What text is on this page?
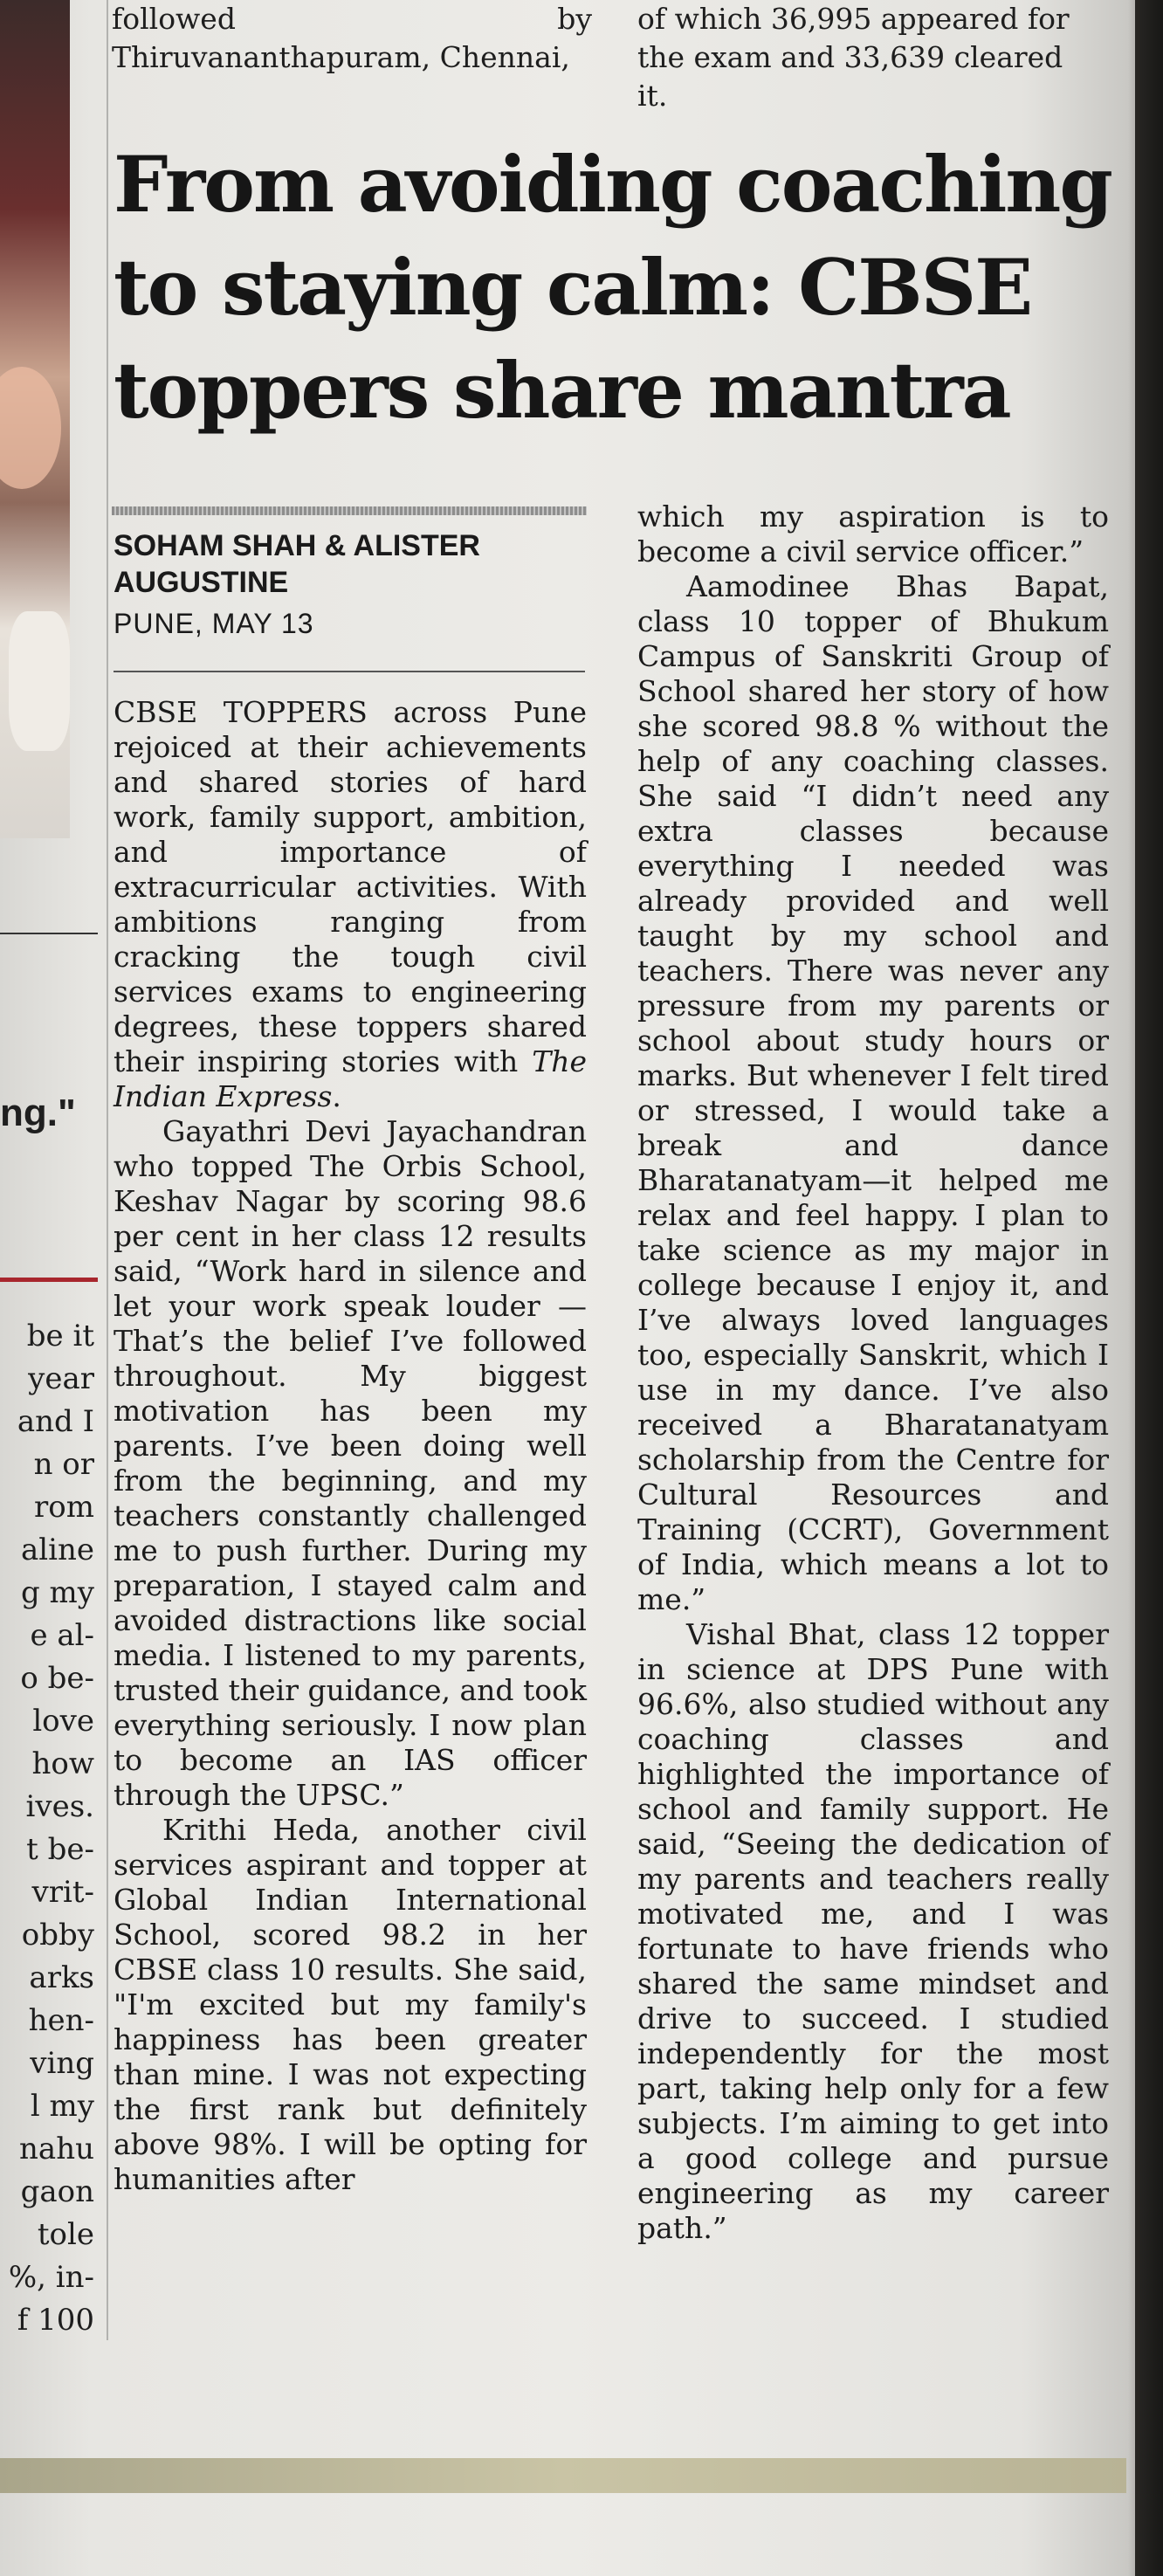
ng."
be it
year
and I
n or
rom
aline
g my
e al-
o be-
love
how
ives.
t be-
vrit-
obby
arks
hen-
ving
l my
nahu
gaon
tole
%, in-
f 100
followed	by
Thiruvananthapuram, Chennai,
of which 36,995 appeared for
the exam and 33,639 cleared it.
From avoiding coaching
to staying calm: CBSE
toppers share mantra
SOHAM SHAH & ALISTER AUGUSTINE
PUNE, MAY 13

CBSE TOPPERS across Pune rejoiced at their achievements and shared stories of hard work, family support, ambition, and importance of extracurricular activities. With ambitions ranging from cracking the tough civil services exams to engineering degrees, these toppers shared their inspiring stories with The Indian Express.

Gayathri Devi Jayachandran who topped The Orbis School, Keshav Nagar by scoring 98.6 per cent in her class 12 results said, “Work hard in silence and let your work speak louder — That’s the belief I’ve followed throughout. My biggest motivation has been my parents. I’ve been doing well from the beginning, and my teachers constantly challenged me to push further. During my preparation, I stayed calm and avoided distractions like social media. I listened to my parents, trusted their guidance, and took everything seriously. I now plan to become an IAS officer through the UPSC.”

Krithi Heda, another civil services aspirant and topper at Global Indian International School, scored 98.2 in her CBSE class 10 results. She said, "I'm excited but my family's happiness has been greater than mine. I was not expecting the first rank but definitely above 98%. I will be opting for humanities after

which my aspiration is to become a civil service officer.”

Aamodinee Bhas Bapat, class 10 topper of Bhukum Campus of Sanskriti Group of School shared her story of how she scored 98.8 % without the help of any coaching classes. She said “I didn’t need any extra classes because everything I needed was already provided and well taught by my school and teachers. There was never any pressure from my parents or school about study hours or marks. But whenever I felt tired or stressed, I would take a break and dance Bharatanatyam—it helped me relax and feel happy. I plan to take science as my major in college because I enjoy it, and I’ve always loved languages too, especially Sanskrit, which I use in my dance. I’ve also received a Bharatanatyam scholarship from the Centre for Cultural Resources and Training (CCRT), Government of India, which means a lot to me.”

Vishal Bhat, class 12 topper in science at DPS Pune with 96.6%, also studied without any coaching classes and highlighted the importance of school and family support. He said, “Seeing the dedication of my parents and teachers really motivated me, and I was fortunate to have friends who shared the same mindset and drive to succeed. I studied independently for the most part, taking help only for a few subjects. I’m aiming to get into a good college and pursue engineering as my career path.”
